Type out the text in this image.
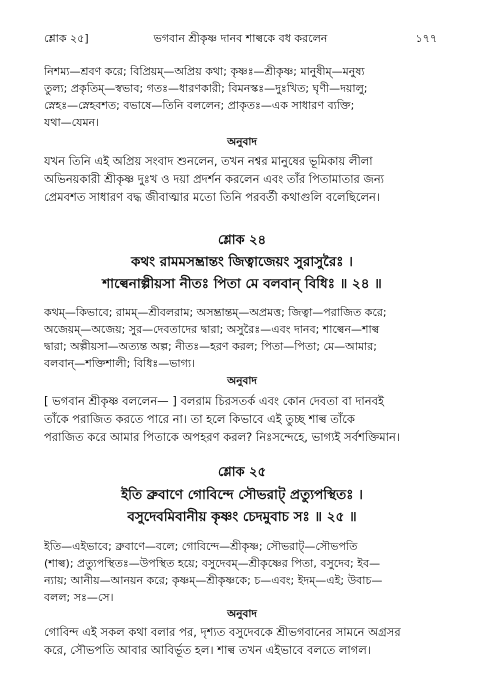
শ্লোক ২৫]	ভগবান শ্রীকৃষ্ণ দানব শাল্বকে বধ করলেন	১৭৭
নিশম্য—শ্রবণ করে; বিপ্রিয়ম্—অপ্রিয় কথা; কৃষ্ণঃ—শ্রীকৃষ্ণ; মানুষীম্—মনুষ্য
তুল্য; প্রকৃতিম্—স্বভাব; গতঃ—ধারণকারী; বিমনস্কঃ—দুঃখিত; ঘৃণী—দয়ালু;
স্নেহঃ—স্নেহবশত; বভাষে—তিনি বললেন; প্রাকৃতঃ—এক সাধারণ ব্যক্তি;
যথা—যেমন।
অনুবাদ
যখন তিনি এই অপ্রিয় সংবাদ শুনলেন, তখন নশ্বর মানুষের ভূমিকায় লীলা
অভিনয়কারী শ্রীকৃষ্ণ দুঃখ ও দয়া প্রদর্শন করলেন এবং তাঁর পিতামাতার জন্য
প্রেমবশত সাধারণ বদ্ধ জীবাত্মার মতো তিনি পরবর্তী কথাগুলি বলেছিলেন।
শ্লোক ২৪
কথং রামমসম্ভ্রান্তং জিত্বাজেয়ং সুরাসুরৈঃ ।
শাল্বেনাল্পীয়সা নীতঃ পিতা মে বলবান্ বিধিঃ ॥ ২৪ ॥
কথম্—কিভাবে; রামম্—শ্রীবলরাম; অসম্ভ্রান্তম্—অপ্রমত্ত; জিত্বা—পরাজিত করে;
অজেয়ম্—অজেয়; সুর—দেবতাদের দ্বারা; অসুরৈঃ—এবং দানব; শাল্বেন—শাল্ব
দ্বারা; অল্পীয়সা—অত্যন্ত অল্প; নীতঃ—হরণ করল; পিতা—পিতা; মে—আমার;
বলবান্—শক্তিশালী; বিধিঃ—ভাগ্য।
অনুবাদ
[ ভগবান শ্রীকৃষ্ণ বললেন— ] বলরাম চিরসতর্ক এবং কোন দেবতা বা দানবই
তাঁকে পরাজিত করতে পারে না। তা হলে কিভাবে এই তুচ্ছ শাল্ব তাঁকে
পরাজিত করে আমার পিতাকে অপহরণ করল? নিঃসন্দেহে, ভাগ্যই সর্বশক্তিমান।
শ্লোক ২৫
ইতি ব্রুবাণে গোবিন্দে সৌভরাট্ প্রত্যুপস্থিতঃ ।
বসুদেবমিবানীয় কৃষ্ণং চেদমুবাচ সঃ ॥ ২৫ ॥
ইতি—এইভাবে; ব্রুবাণে—বলে; গোবিন্দে—শ্রীকৃষ্ণ; সৌভরাট্—সৌভপতি
(শাল্ব); প্রত্যুপস্থিতঃ—উপস্থিত হয়ে; বসুদেবম্—শ্রীকৃষ্ণের পিতা, বসুদেব; ইব—
ন্যায়; আনীয়—আনয়ন করে; কৃষ্ণম্—শ্রীকৃষ্ণকে; চ—এবং; ইদম্—এই; উবাচ—
বলল; সঃ—সে।
অনুবাদ
গোবিন্দ এই সকল কথা বলার পর, দৃশ্যত বসুদেবকে শ্রীভগবানের সামনে অগ্রসর
করে, সৌভপতি আবার আবির্ভূত হল। শাল্ব তখন এইভাবে বলতে লাগল।
